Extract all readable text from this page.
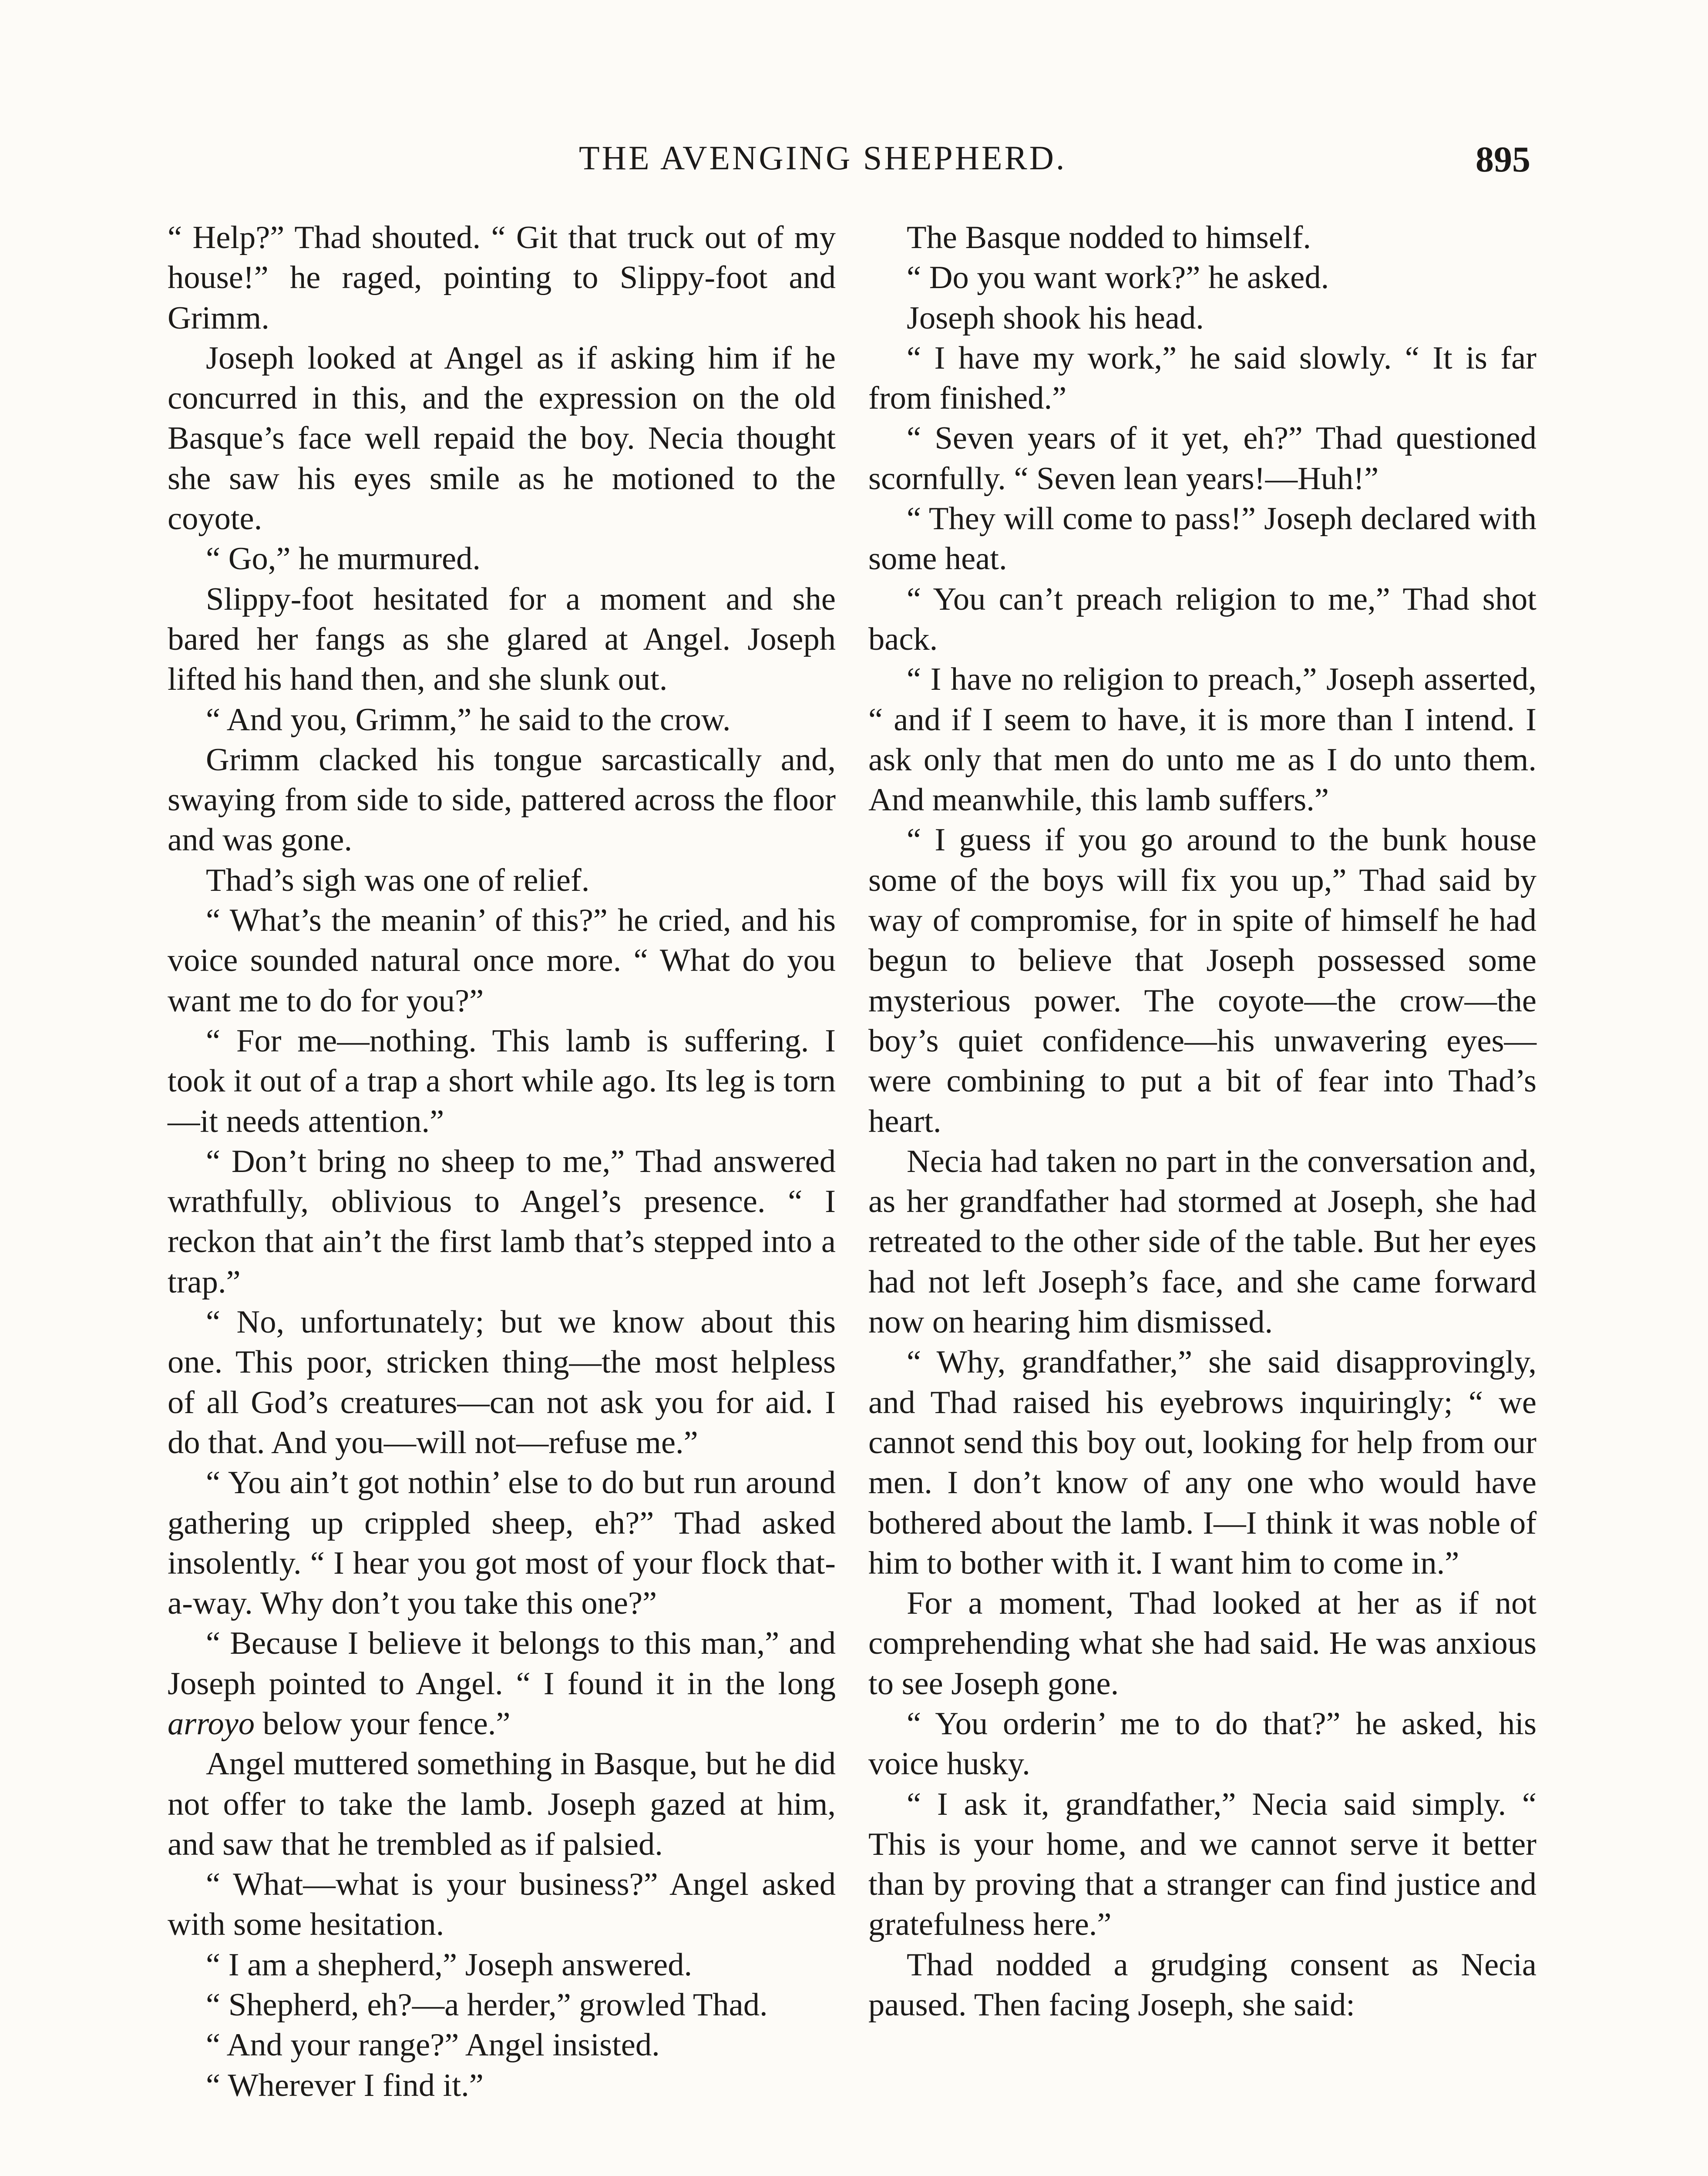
THE AVENGING SHEPHERD.	895

“ Help?” Thad shouted. “ Git that truck out of my house!” he raged, pointing to Slippy-foot and Grimm.

Joseph looked at Angel as if asking him if he concurred in this, and the expression on the old Basque’s face well repaid the boy. Necia thought she saw his eyes smile as he motioned to the coyote.

“ Go,” he murmured.

Slippy-foot hesitated for a moment and she bared her fangs as she glared at Angel. Joseph lifted his hand then, and she slunk out.

“ And you, Grimm,” he said to the crow.

Grimm clacked his tongue sarcastically and, swaying from side to side, pattered across the floor and was gone.

Thad’s sigh was one of relief.

“ What’s the meanin’ of this?” he cried, and his voice sounded natural once more. “ What do you want me to do for you?”

“ For me—nothing. This lamb is suffering. I took it out of a trap a short while ago. Its leg is torn—it needs attention.”

“ Don’t bring no sheep to me,” Thad answered wrathfully, oblivious to Angel’s presence. “ I reckon that ain’t the first lamb that’s stepped into a trap.”

“ No, unfortunately; but we know about this one. This poor, stricken thing—the most helpless of all God’s creatures—can not ask you for aid. I do that. And you—will not—refuse me.”

“ You ain’t got nothin’ else to do but run around gathering up crippled sheep, eh?” Thad asked insolently. “ I hear you got most of your flock that-a-way. Why don’t you take this one?”

“ Because I believe it belongs to this man,” and Joseph pointed to Angel. “ I found it in the long arroyo below your fence.”

Angel muttered something in Basque, but he did not offer to take the lamb. Joseph gazed at him, and saw that he trembled as if palsied.

“ What—what is your business?” Angel asked with some hesitation.

“ I am a shepherd,” Joseph answered.

“ Shepherd, eh?—a herder,” growled Thad.

“ And your range?” Angel insisted.

“ Wherever I find it.”

The Basque nodded to himself.

“ Do you want work?” he asked.

Joseph shook his head.

“ I have my work,” he said slowly. “ It is far from finished.”

“ Seven years of it yet, eh?” Thad questioned scornfully. “ Seven lean years!—Huh!”

“ They will come to pass!” Joseph declared with some heat.

“ You can’t preach religion to me,” Thad shot back.

“ I have no religion to preach,” Joseph asserted, “ and if I seem to have, it is more than I intend. I ask only that men do unto me as I do unto them. And meanwhile, this lamb suffers.”

“ I guess if you go around to the bunk house some of the boys will fix you up,” Thad said by way of compromise, for in spite of himself he had begun to believe that Joseph possessed some mysterious power. The coyote—the crow—the boy’s quiet confidence—his unwavering eyes—were combining to put a bit of fear into Thad’s heart.

Necia had taken no part in the conversation and, as her grandfather had stormed at Joseph, she had retreated to the other side of the table. But her eyes had not left Joseph’s face, and she came forward now on hearing him dismissed.

“ Why, grandfather,” she said disapprovingly, and Thad raised his eyebrows inquiringly; “ we cannot send this boy out, looking for help from our men. I don’t know of any one who would have bothered about the lamb. I—I think it was noble of him to bother with it. I want him to come in.”

For a moment, Thad looked at her as if not comprehending what she had said. He was anxious to see Joseph gone.

“ You orderin’ me to do that?” he asked, his voice husky.

“ I ask it, grandfather,” Necia said simply. “ This is your home, and we cannot serve it better than by proving that a stranger can find justice and gratefulness here.”

Thad nodded a grudging consent as Necia paused. Then facing Joseph, she said:
